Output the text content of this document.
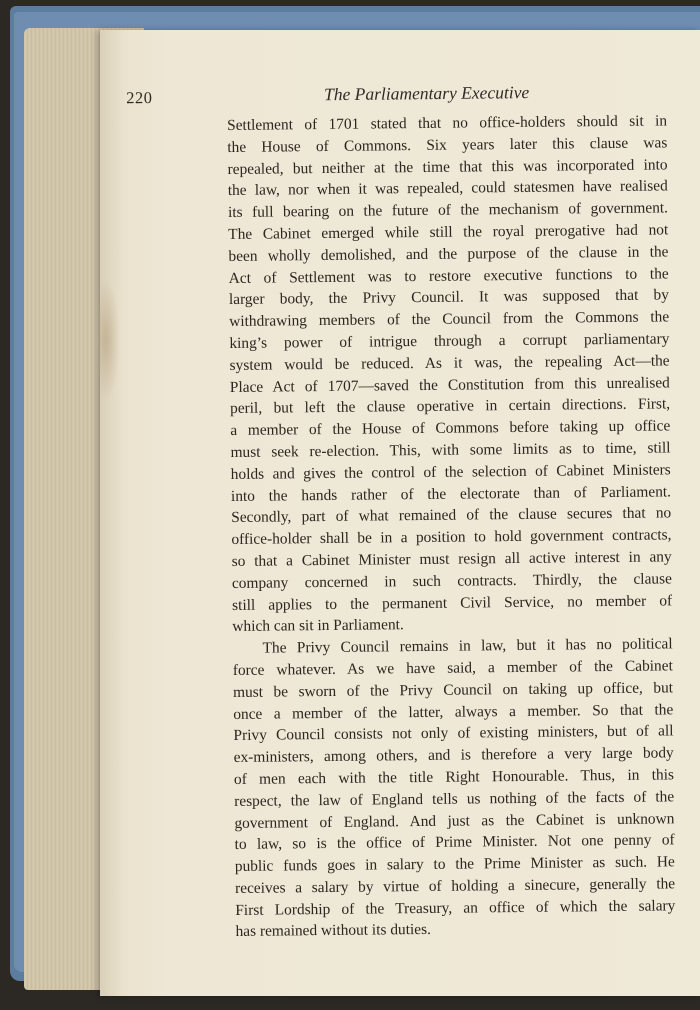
220	The Parliamentary Executive
Settlement of 1701 stated that no office-holders should sit in
the House of Commons. Six years later this clause was
repealed, but neither at the time that this was incorporated into
the law, nor when it was repealed, could statesmen have realised
its full bearing on the future of the mechanism of government.
The Cabinet emerged while still the royal prerogative had not
been wholly demolished, and the purpose of the clause in the
Act of Settlement was to restore executive functions to the
larger body, the Privy Council. It was supposed that by
withdrawing members of the Council from the Commons the
king’s power of intrigue through a corrupt parliamentary
system would be reduced. As it was, the repealing Act—the
Place Act of 1707—saved the Constitution from this unrealised
peril, but left the clause operative in certain directions. First,
a member of the House of Commons before taking up office
must seek re-election. This, with some limits as to time, still
holds and gives the control of the selection of Cabinet Ministers
into the hands rather of the electorate than of Parliament.
Secondly, part of what remained of the clause secures that no
office-holder shall be in a position to hold government contracts,
so that a Cabinet Minister must resign all active interest in any
company concerned in such contracts. Thirdly, the clause
still applies to the permanent Civil Service, no member of
which can sit in Parliament.
The Privy Council remains in law, but it has no political
force whatever. As we have said, a member of the Cabinet
must be sworn of the Privy Council on taking up office, but
once a member of the latter, always a member. So that the
Privy Council consists not only of existing ministers, but of all
ex-ministers, among others, and is therefore a very large body
of men each with the title Right Honourable. Thus, in this
respect, the law of England tells us nothing of the facts of the
government of England. And just as the Cabinet is unknown
to law, so is the office of Prime Minister. Not one penny of
public funds goes in salary to the Prime Minister as such. He
receives a salary by virtue of holding a sinecure, generally the
First Lordship of the Treasury, an office of which the salary
has remained without its duties.
